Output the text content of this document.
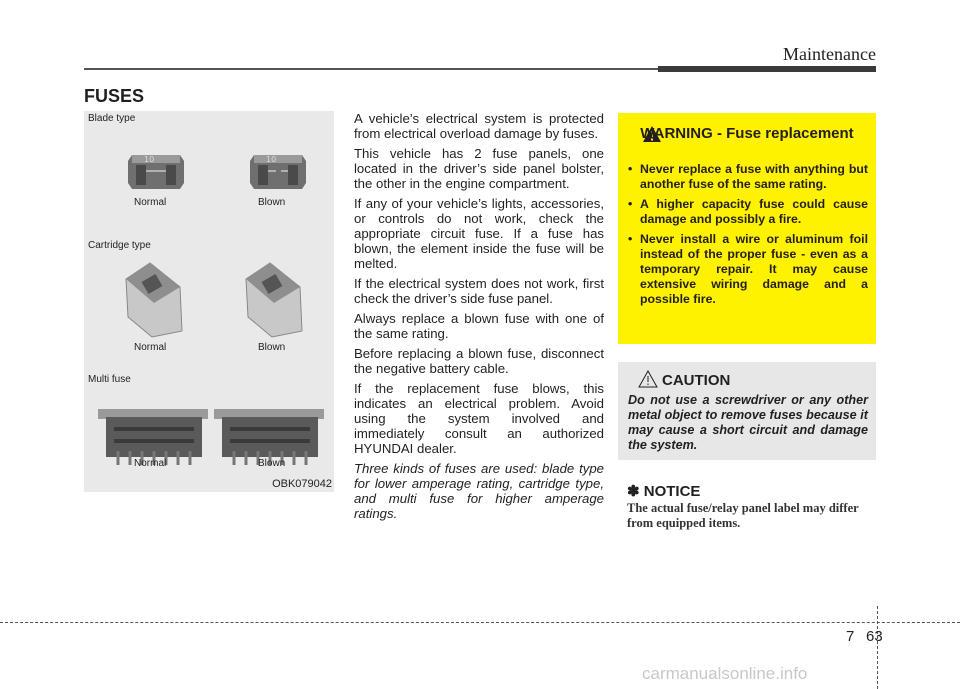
Maintenance
FUSES
Blade type
10	10
Normal	Blown
Cartridge type
Normal	Blown
Multi fuse
Normal	Blown
OBK079042

A vehicle’s electrical system is protected from electrical overload damage by fuses.

This vehicle has 2 fuse panels, one located in the driver’s side panel bolster, the other in the engine compartment.

If any of your vehicle’s lights, accessories, or controls do not work, check the appropriate circuit fuse. If a fuse has blown, the element inside the fuse will be melted.

If the electrical system does not work, first check the driver’s side fuse panel.

Always replace a blown fuse with one of the same rating.

Before replacing a blown fuse, disconnect the negative battery cable.

If the replacement fuse blows, this indicates an electrical problem. Avoid using the system involved and immediately consult an authorized HYUNDAI dealer.

Three kinds of fuses are used: blade type for lower amperage rating, cartridge type, and multi fuse for higher amperage ratings.

WARNING - Fuse replacement
• Never replace a fuse with anything but another fuse of the same rating.
• A higher capacity fuse could cause damage and possibly a fire.
• Never install a wire or aluminum foil instead of the proper fuse - even as a temporary repair. It may cause extensive wiring damage and a possible fire.
CAUTION
Do not use a screwdriver or any other metal object to remove fuses because it may cause a short circuit and damage the system.
✽ NOTICE
The actual fuse/relay panel label may differ from equipped items.
7 63
carmanualsonline.info
